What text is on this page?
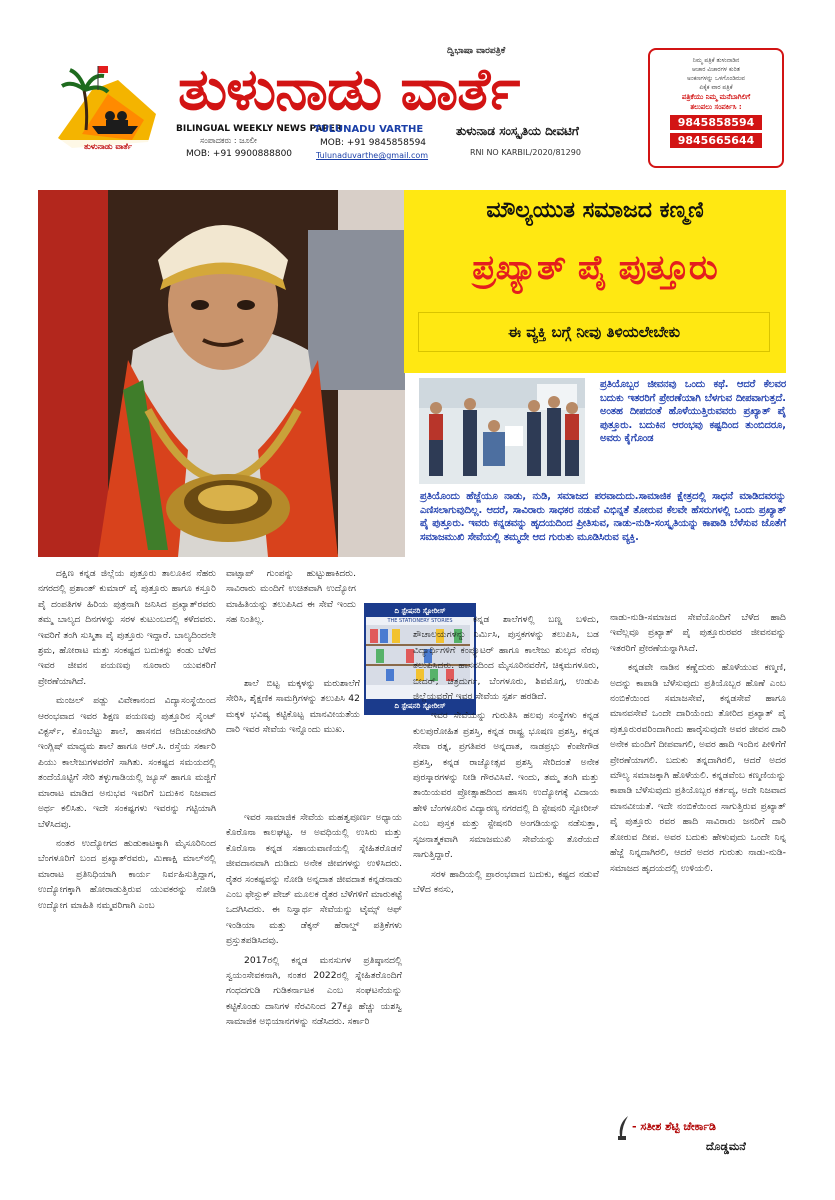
ತುಳುನಾಡು ವಾರ್ತೆ
ದ್ವಿಭಾಷಾ ವಾರಪತ್ರಿಕೆ
ತುಳುನಾಡು ವಾರ್ತೆ
BILINGUAL WEEKLY NEWS PAPER
ಸಂಪಾದಕರು : ಜೂಲೀ
MOB: +91 9900888800
TULUNADU VARTHE
MOB: +91 9845858594
Tulunaduvarthe@gmail.com
ತುಳುನಾಡ ಸಂಸ್ಕೃತಿಯ ದೀವಟಿಗೆ
RNI NO KARBIL/2020/81290
ನಿಮ್ಮ ಪತ್ರಿಕೆ ತುಳುನಾಡಿನ
ಆಚಾರ ವಿಚಾರಗಳ ಕುರಿತ
ಅಂಕಣಗಳನ್ನು ಒಳಗೊಂಡಿರುವ
ಏಕೈಕ ವಾರ ಪತ್ರಿಕೆ
ಪತ್ರಿಕೆಯು ನಿಮ್ಮ ಮನೆಬಾಗಿಲಿಗೆ
ತಲುಪಲು ಸಂಪರ್ಕಿಸಿ :
9845858594
9845665644
ಮೌಲ್ಯಯುತ ಸಮಾಜದ ಕಣ್ಮಣಿ
ಪ್ರಖ್ಯಾತ್ ಪೈ ಪುತ್ತೂರು
ಈ ವ್ಯಕ್ತಿ ಬಗ್ಗೆ ನೀವು ತಿಳಿಯಲೇಬೇಕು
ಪ್ರತಿಯೊಬ್ಬರ ಜೀವನವು ಒಂದು ಕಥೆ. ಆದರೆ ಕೆಲವರ ಬದುಕು ಇತರರಿಗೆ ಪ್ರೇರಣೆಯಾಗಿ ಬೆಳಗುವ ದೀಪವಾಗುತ್ತದೆ. ಅಂತಹ ದೀಪದಂತೆ ಹೊಳೆಯುತ್ತಿರುವವರು ಪ್ರಖ್ಯಾತ್ ಪೈ ಪುತ್ತೂರು. ಬದುಕಿನ ಆರಂಭವು ಕಷ್ಟದಿಂದ ತುಂಬಿದರೂ, ಅವರು ಕೈಗೊಂಡ
ಪ್ರತಿಯೊಂದು ಹೆಜ್ಜೆಯೂ ನಾಡು, ನುಡಿ, ಸಮಾಜದ ಪರವಾದುದು.ಸಾಮಾಜಿಕ ಕ್ಷೇತ್ರದಲ್ಲಿ ಸಾಧನೆ ಮಾಡಿದವರನ್ನು ಎಣಿಸಲಾಗುವುದಿಲ್ಲ. ಆದರೆ, ಸಾವಿರಾರು ಸಾಧಕರ ನಡುವೆ ವಿಭಿನ್ನತೆ ತೋರುವ ಕೆಲವೇ ಹೆಸರುಗಳಲ್ಲಿ ಒಂದು ಪ್ರಖ್ಯಾತ್ ಪೈ ಪುತ್ತೂರು. ಇವರು ಕನ್ನಡವನ್ನು ಹೃದಯದಿಂದ ಪ್ರೀತಿಸುವ, ನಾಡು-ನುಡಿ-ಸಂಸ್ಕೃತಿಯನ್ನು ಕಾಪಾಡಿ ಬೆಳೆಸುವ ಜೊತೆಗೆ ಸಮಾಜಮುಖಿ ಸೇವೆಯಲ್ಲಿ ತಮ್ಮದೇ ಆದ ಗುರುತು ಮೂಡಿಸಿರುವ ವ್ಯಕ್ತಿ.

ದಕ್ಷಿಣ ಕನ್ನಡ ಜಿಲ್ಲೆಯ ಪುತ್ತೂರು ತಾಲೂಕಿನ ನೆಹರು ನಗರದಲ್ಲಿ ಪ್ರಶಾಂತ್ ಕುಮಾರ್ ಪೈ ಪುತ್ತೂರು ಹಾಗೂ ಕಸ್ತೂರಿ ಪೈ ದಂಪತಿಗಳ ಹಿರಿಯ ಪುತ್ರನಾಗಿ ಜನಿಸಿದ ಪ್ರಖ್ಯಾತ್‌ರವರು ತಮ್ಮ ಬಾಲ್ಯದ ದಿನಗಳನ್ನು ಸರಳ ಕುಟುಂಬದಲ್ಲಿ ಕಳೆದವರು. ಇವರಿಗೆ ತಂಗಿ ಸುಸ್ಮಿತಾ ಪೈ ಪುತ್ತೂರು ಇದ್ದಾರೆ. ಬಾಲ್ಯದಿಂದಲೇ ಶ್ರಮ, ಹೋರಾಟ ಮತ್ತು ಸಂಕಷ್ಟದ ಬದುಕನ್ನು ಕಂಡು ಬೆಳೆದ ಇವರ ಜೀವನ ಪಯಣವು ನೂರಾರು ಯುವಕರಿಗೆ ಪ್ರೇರಣೆಯಾಗಿದೆ.

ಮಂಜಲ್ ಪಡ್ಪು ವಿವೇಕಾನಂದ ವಿದ್ಯಾಸಂಸ್ಥೆಯಿಂದ ಆರಂಭವಾದ ಇವರ ಶಿಕ್ಷಣ ಪಯಣವು ಪುತ್ತೂರಿನ ಸೈಂಟ್ ವಿಕ್ಟರ್ಸ್, ಕೊಂಬೆಟ್ಟು ಶಾಲೆ, ಹಾಸನದ ಆದಿಚುಂಚನಗಿರಿ ಇಂಗ್ಲಿಷ್ ಮಾಧ್ಯಮ ಶಾಲೆ ಹಾಗೂ ಆರ್.ಸಿ. ರಸ್ತೆಯ ಸರ್ಕಾರಿ ಪಿಯು ಕಾಲೇಜುಗಳವರೆಗೆ ಸಾಗಿತು. ಸಂಕಷ್ಟದ ಸಮಯದಲ್ಲಿ ತಂದೆಯೊಟ್ಟಿಗೆ ಸೇರಿ ತಳ್ಳುಗಾಡಿಯಲ್ಲಿ ಜ್ಯೂಸ್ ಹಾಗೂ ಮಜ್ಜಿಗೆ ಮಾರಾಟ ಮಾಡಿದ ಅನುಭವ ಇವರಿಗೆ ಬದುಕಿನ ನಿಜವಾದ ಅರ್ಥ ಕಲಿಸಿತು. ಇದೇ ಸಂಕಷ್ಟಗಳು ಇವರನ್ನು ಗಟ್ಟಿಯಾಗಿ ಬೆಳೆಸಿದವು.

ನಂತರ ಉದ್ಯೋಗದ ಹುಡುಕಾಟಕ್ಕಾಗಿ ಮೈಸೂರಿನಿಂದ ಬೆಂಗಳೂರಿಗೆ ಬಂದ ಪ್ರಖ್ಯಾತ್‌ರವರು, ಮಿಣಾಕ್ಷಿ ಮಾಲ್‌ನಲ್ಲಿ ಮಾರಾಟ ಪ್ರತಿನಿಧಿಯಾಗಿ ಕಾರ್ಯ ನಿರ್ವಹಿಸುತ್ತಿದ್ದಾಗ, ಉದ್ಯೋಗಕ್ಕಾಗಿ ಹೋರಾಡುತ್ತಿರುವ ಯುವಕರನ್ನು ನೋಡಿ ಉದ್ಯೋಗ ಮಾಹಿತಿ ನಮ್ಮವರಿಗಾಗಿ ಎಂಬ

ವಾಟ್ಸಾಪ್ ಗುಂಪನ್ನು ಹುಟ್ಟುಹಾಕಿದರು. ಸಾವಿರಾರು ಮಂದಿಗೆ ಉಚಿತವಾಗಿ ಉದ್ಯೋಗ ಮಾಹಿತಿಯನ್ನು ತಲುಪಿಸಿದ ಈ ಸೇವೆ ಇಂದು ಸಹ ನಿಂತಿಲ್ಲ.

ಶಾಲೆ ಬಿಟ್ಟ ಮಕ್ಕಳನ್ನು ಮರುಶಾಲೆಗೆ ಸೇರಿಸಿ, ಶೈಕ್ಷಣಿಕ ಸಾಮಗ್ರಿಗಳನ್ನು ತಲುಪಿಸಿ 42 ಮಕ್ಕಳ ಭವಿಷ್ಯ ಕಟ್ಟಿಕೊಟ್ಟ ಮಾನವೀಯತೆಯ ದಾರಿ ಇವರ ಸೇವೆಯ ಇನ್ನೊಂದು ಮುಖ.

ಇವರ ಸಾಮಾಜಿಕ ಸೇವೆಯ ಮಹತ್ವಪೂರ್ಣ ಅಧ್ಯಾಯ ಕೊರೊನಾ ಕಾಲಘಟ್ಟ. ಆ ಅವಧಿಯಲ್ಲಿ ಉಸಿರು ಮತ್ತು ಕೊರೊನಾ ಕನ್ನಡ ಸಹಾಯವಾಣಿಯಲ್ಲಿ ಸ್ನೇಹಿತರೊಡನೆ ಜೀವದಾನವಾಗಿ ದುಡಿದು ಅನೇಕ ಜೀವಗಳನ್ನು ಉಳಿಸಿದರು. ರೈತರ ಸಂಕಷ್ಟವನ್ನು ನೋಡಿ ಅನ್ನದಾತ ಜೀವದಾತ ಕನ್ನಡನಾಡು ಎಂಬ ಫೇಸ್ಬುಕ್ ಪೇಜ್ ಮೂಲಕ ರೈತರ ಬೆಳೆಗಳಿಗೆ ಮಾರುಕಟ್ಟೆ ಒದಗಿಸಿದರು. ಈ ನಿಸ್ವಾರ್ಥ ಸೇವೆಯನ್ನು ಟೈಮ್ಸ್ ಆಫ್ ಇಂಡಿಯಾ ಮತ್ತು ಡೆಕ್ಕನ್ ಹೆರಾಲ್ಡ್ ಪತ್ರಿಕೆಗಳು ಪ್ರಸ್ತುತಪಡಿಸಿದವು.

2017ರಲ್ಲಿ ಕನ್ನಡ ಮನಸುಗಳ ಪ್ರತಿಷ್ಠಾನದಲ್ಲಿ ಸ್ವಯಂಸೇವಕನಾಗಿ, ನಂತರ 2022ರಲ್ಲಿ ಸ್ನೇಹಿತರೊಂದಿಗೆ ಗಂಧದಗುಡಿ ಗುಡಿಕರ್ನಾಟಕ ಎಂಬ ಸಂಘಟನೆಯನ್ನು ಕಟ್ಟಿಕೊಂಡು ದಾನಿಗಳ ನೆರವಿನಿಂದ 27ಕ್ಕೂ ಹೆಚ್ಚು ಯಶಸ್ವಿ ಸಾಮಾಜಿಕ ಅಭಿಯಾನಗಳನ್ನು ನಡೆಸಿದರು. ಸರ್ಕಾರಿ

ದಿ ಸ್ಟೇಷನರಿ ಸ್ಟೋರೀಸ್
THE STATIONERY STORIES
ದಿ ಸ್ಟೇಷನರಿ ಸ್ಟೋರೀಸ್

ಕನ್ನಡ ಶಾಲೆಗಳಲ್ಲಿ ಬಣ್ಣ ಬಳಿದು, ಶೌಚಾಲಯಗಳನ್ನು ನಿರ್ಮಿಸಿ, ಪುಸ್ತಕಗಳನ್ನು ತಲುಪಿಸಿ, ಬಡ ವಿದ್ಯಾರ್ಥಿಗಳಿಗೆ ಕಂಪ್ಯೂಟರ್ ಹಾಗೂ ಕಾಲೇಜು ಶುಲ್ಕದ ನೆರವು ತಲುಪಿಸಿದರು. ಹಾಸನದಿಂದ ಮೈಸೂರಿನವರೆಗೆ, ಚಿಕ್ಕಮಗಳೂರು, ಬೀದರ್, ಚಿತ್ರದುರ್ಗ, ಬೆಂಗಳೂರು, ಶಿವಮೊಗ್ಗ, ಉಡುಪಿ ಜಿಲ್ಲೆಯವರೆಗೆ ಇವರ ಸೇವೆಯ ಸ್ಪರ್ಶ ಹರಡಿದೆ.

ಇವರ ಸೇವೆಯನ್ನು ಗುರುತಿಸಿ ಹಲವು ಸಂಸ್ಥೆಗಳು ಕನ್ನಡ ಕುಲಪುರೋಹಿತ ಪ್ರಶಸ್ತಿ, ಕನ್ನಡ ರಾಷ್ಟ್ರ ಭೂಷಣ ಪ್ರಶಸ್ತಿ, ಕನ್ನಡ ಸೇವಾ ರತ್ನ, ಪ್ರಗತಿಪರ ಅನ್ನದಾತ, ನಾಡಪ್ರಭು ಕೆಂಪೇಗೌಡ ಪ್ರಶಸ್ತಿ, ಕನ್ನಡ ರಾಜ್ಯೋತ್ಸವ ಪ್ರಶಸ್ತಿ ಸೇರಿದಂತೆ ಅನೇಕ ಪುರಸ್ಕಾರಗಳನ್ನು ನೀಡಿ ಗೌರವಿಸಿವೆ. ಇಂದು, ತಮ್ಮ ತಂಗಿ ಮತ್ತು ತಾಯಿಯವರ ಪ್ರೋತ್ಸಾಹದಿಂದ ಹಾಸನಿ ಉದ್ಯೋಗಕ್ಕೆ ವಿದಾಯ ಹೇಳಿ ಬೆಂಗಳೂರಿನ ವಿದ್ಯಾರಣ್ಯ ನಗರದಲ್ಲಿ ದಿ ಸ್ಟೇಷನರಿ ಸ್ಟೋರೀಸ್ ಎಂಬ ಪುಸ್ತಕ ಮತ್ತು ಸ್ಟೇಷನರಿ ಅಂಗಡಿಯನ್ನು ನಡೆಸುತ್ತಾ, ಸೃಜನಾತ್ಮಕವಾಗಿ ಸಮಾಜಮುಖಿ ಸೇವೆಯನ್ನು ತೊರೆಯದೆ ಸಾಗುತ್ತಿದ್ದಾರೆ.

ಸರಳ ಹಾದಿಯಲ್ಲಿ ಪ್ರಾರಂಭವಾದ ಬದುಕು, ಕಷ್ಟದ ನಡುವೆ ಬೆಳೆದ ಕನಸು,

ನಾಡು-ನುಡಿ-ಸಮಾಜದ ಸೇವೆಯೊಂದಿಗೆ ಬೆಳೆದ ಹಾದಿ ಇವೆಲ್ಲವೂ ಪ್ರಖ್ಯಾತ್ ಪೈ ಪುತ್ತೂರುರವರ ಜೀವನವನ್ನು ಇತರರಿಗೆ ಪ್ರೇರಣೆಯನ್ನಾಗಿಸಿದೆ.

ಕನ್ನಡವೇ ನಾಡಿನ ಕಣ್ಣೆದುರು ಹೊಳೆಯುವ ಕಣ್ಮಣಿ, ಅದನ್ನು ಕಾಪಾಡಿ ಬೆಳೆಸುವುದು ಪ್ರತಿಯೊಬ್ಬರ ಹೊಣೆ ಎಂಬ ನಂಬಿಕೆಯಿಂದ ಸಮಾಜಸೇವೆ, ಕನ್ನಡಸೇವೆ ಹಾಗೂ ಮಾನವಸೇವೆ ಒಂದೇ ದಾರಿಯೆಂದು ತೋರಿದ ಪ್ರಖ್ಯಾತ್ ಪೈ ಪುತ್ತೂರುರವರಿಂದಾಗಿಂದು ಹಾರೈಸುವುದೇ ಅವರ ಜೀವನ ದಾರಿ ಅನೇಕ ಮಂದಿಗೆ ದೀಪವಾಗಲಿ, ಅವರ ಹಾದಿ ಇಂದಿನ ಪೀಳಿಗೆಗೆ ಪ್ರೇರಣೆಯಾಗಲಿ. ಬದುಕು ತನ್ನದಾಗಿರಲಿ, ಆದರೆ ಅದರ ಮೌಲ್ಯ ಸಮಾಜಕ್ಕಾಗಿ ಹೊಳೆಯಲಿ. ಕನ್ನಡವೆಂಬ ಕಣ್ಮಣಿಯನ್ನು ಕಾಪಾಡಿ ಬೆಳೆಸುವುದು ಪ್ರತಿಯೊಬ್ಬರ ಕರ್ತವ್ಯ, ಅದೇ ನಿಜವಾದ ಮಾನವೀಯತೆ. ಇದೇ ನಂಬಿಕೆಯಿಂದ ಸಾಗುತ್ತಿರುವ ಪ್ರಖ್ಯಾತ್ ಪೈ ಪುತ್ತೂರು ರವರ ಹಾದಿ ಸಾವಿರಾರು ಜನರಿಗೆ ದಾರಿ ತೋರುವ ದೀಪ. ಅವರ ಬದುಕು ಹೇಳುವುದು ಒಂದೇ ನಿನ್ನ ಹೆಜ್ಜೆ ನಿನ್ನದಾಗಿರಲಿ, ಆದರೆ ಅದರ ಗುರುತು ನಾಡು-ನುಡಿ-ಸಮಾಜದ ಹೃದಯದಲ್ಲಿ ಉಳಿಯಲಿ.

- ಸತೀಶ ಶೆಟ್ಟಿ ಚೇರ್ಕಾಡಿ
ದೊಡ್ಡಮನೆ
